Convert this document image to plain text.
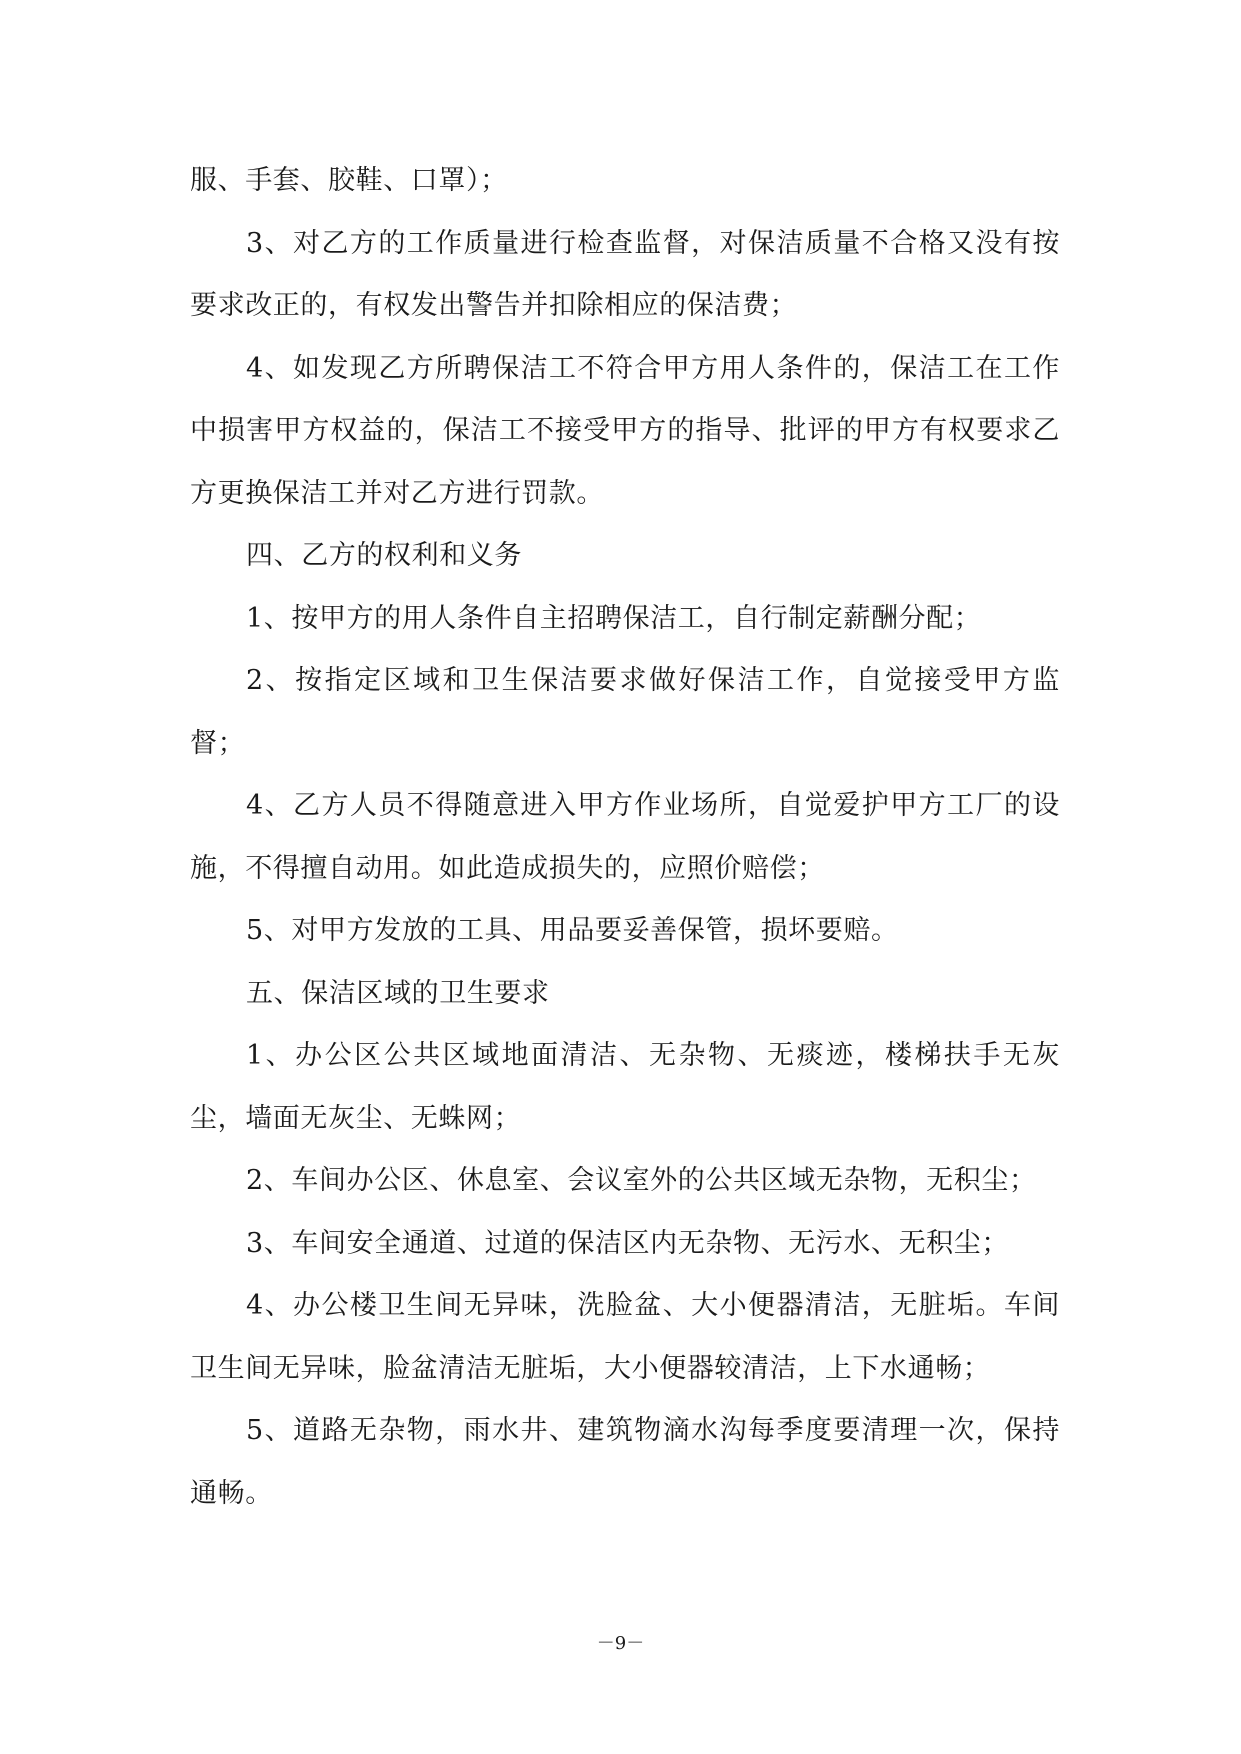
服、手套、胶鞋、口罩）；

3、对乙方的工作质量进行检查监督，对保洁质量不合格又没有按要求改正的，有权发出警告并扣除相应的保洁费；

4、如发现乙方所聘保洁工不符合甲方用人条件的，保洁工在工作中损害甲方权益的，保洁工不接受甲方的指导、批评的甲方有权要求乙方更换保洁工并对乙方进行罚款。

四、乙方的权利和义务

1、按甲方的用人条件自主招聘保洁工，自行制定薪酬分配；

2、按指定区域和卫生保洁要求做好保洁工作，自觉接受甲方监督；

4、乙方人员不得随意进入甲方作业场所，自觉爱护甲方工厂的设施，不得擅自动用。如此造成损失的，应照价赔偿；

5、对甲方发放的工具、用品要妥善保管，损坏要赔。

五、保洁区域的卫生要求

1、办公区公共区域地面清洁、无杂物、无痰迹，楼梯扶手无灰尘，墙面无灰尘、无蛛网；

2、车间办公区、休息室、会议室外的公共区域无杂物，无积尘；

3、车间安全通道、过道的保洁区内无杂物、无污水、无积尘；

4、办公楼卫生间无异味，洗脸盆、大小便器清洁，无脏垢。车间卫生间无异味，脸盆清洁无脏垢，大小便器较清洁，上下水通畅；

5、道路无杂物，雨水井、建筑物滴水沟每季度要清理一次，保持通畅。

－9－
